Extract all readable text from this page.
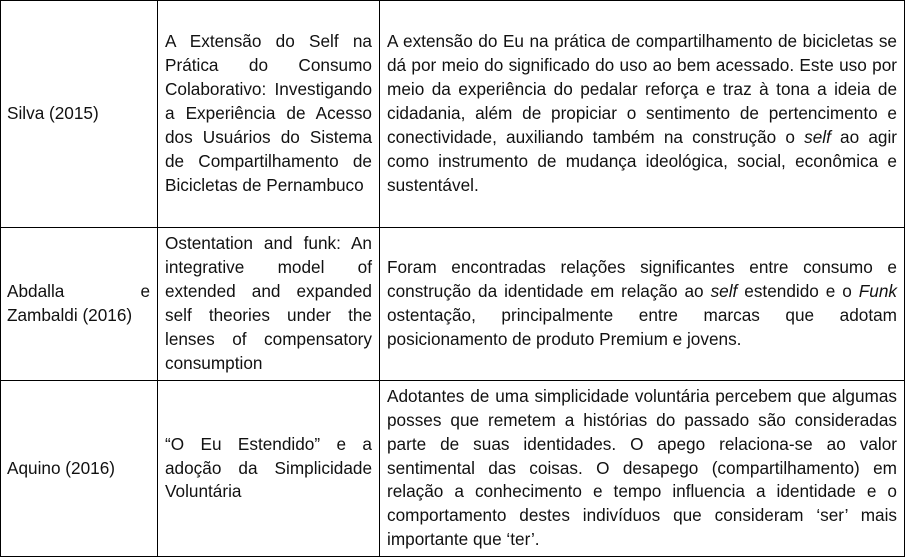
Silva (2015)	A Extensão do Self na Prática do Consumo Colaborativo: Investigando a Experiência de Acesso dos Usuários do Sistema de Compartilhamento de Bicicletas de Pernambuco	A extensão do Eu na prática de compartilhamento de bicicletas se dá por meio do significado do uso ao bem acessado. Este uso por meio da experiência do pedalar reforça e traz à tona a ideia de cidadania, além de propiciar o sentimento de pertencimento e conectividade, auxiliando também na construção o self ao agir como instrumento de mudança ideológica, social, econômica e sustentável.
Abdalla e Zambaldi (2016)	Ostentation and funk: An integrative model of extended and expanded self theories under the lenses of compensatory consumption	Foram encontradas relações significantes entre consumo e construção da identidade em relação ao self estendido e o Funk ostentação, principalmente entre marcas que adotam posicionamento de produto Premium e jovens.
Aquino (2016)	“O Eu Estendido” e a adoção da Simplicidade Voluntária	Adotantes de uma simplicidade voluntária percebem que algumas posses que remetem a histórias do passado são consideradas parte de suas identidades. O apego relaciona-se ao valor sentimental das coisas. O desapego (compartilhamento) em relação a conhecimento e tempo influencia a identidade e o comportamento destes indivíduos que consideram ‘ser’ mais importante que ‘ter’.
